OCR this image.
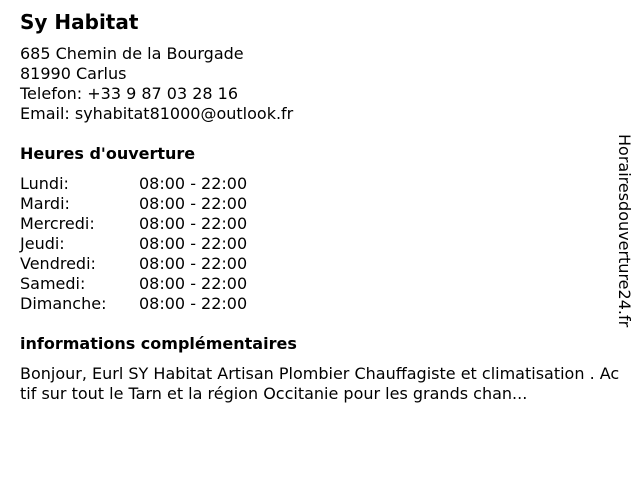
Sy Habitat
685 Chemin de la Bourgade
81990 Carlus
Telefon: +33 9 87 03 28 16
Email: syhabitat81000@outlook.fr
Heures d'ouverture
Lundi:	08:00 - 22:00
Mardi:	08:00 - 22:00
Mercredi:	08:00 - 22:00
Jeudi:	08:00 - 22:00
Vendredi:	08:00 - 22:00
Samedi:	08:00 - 22:00
Dimanche:	08:00 - 22:00
informations complémentaires
Bonjour, Eurl SY Habitat Artisan Plombier Chauffagiste et climatisation . Actif sur tout le Tarn et la région Occitanie pour les grands chan...
Horairesdouverture24.fr
